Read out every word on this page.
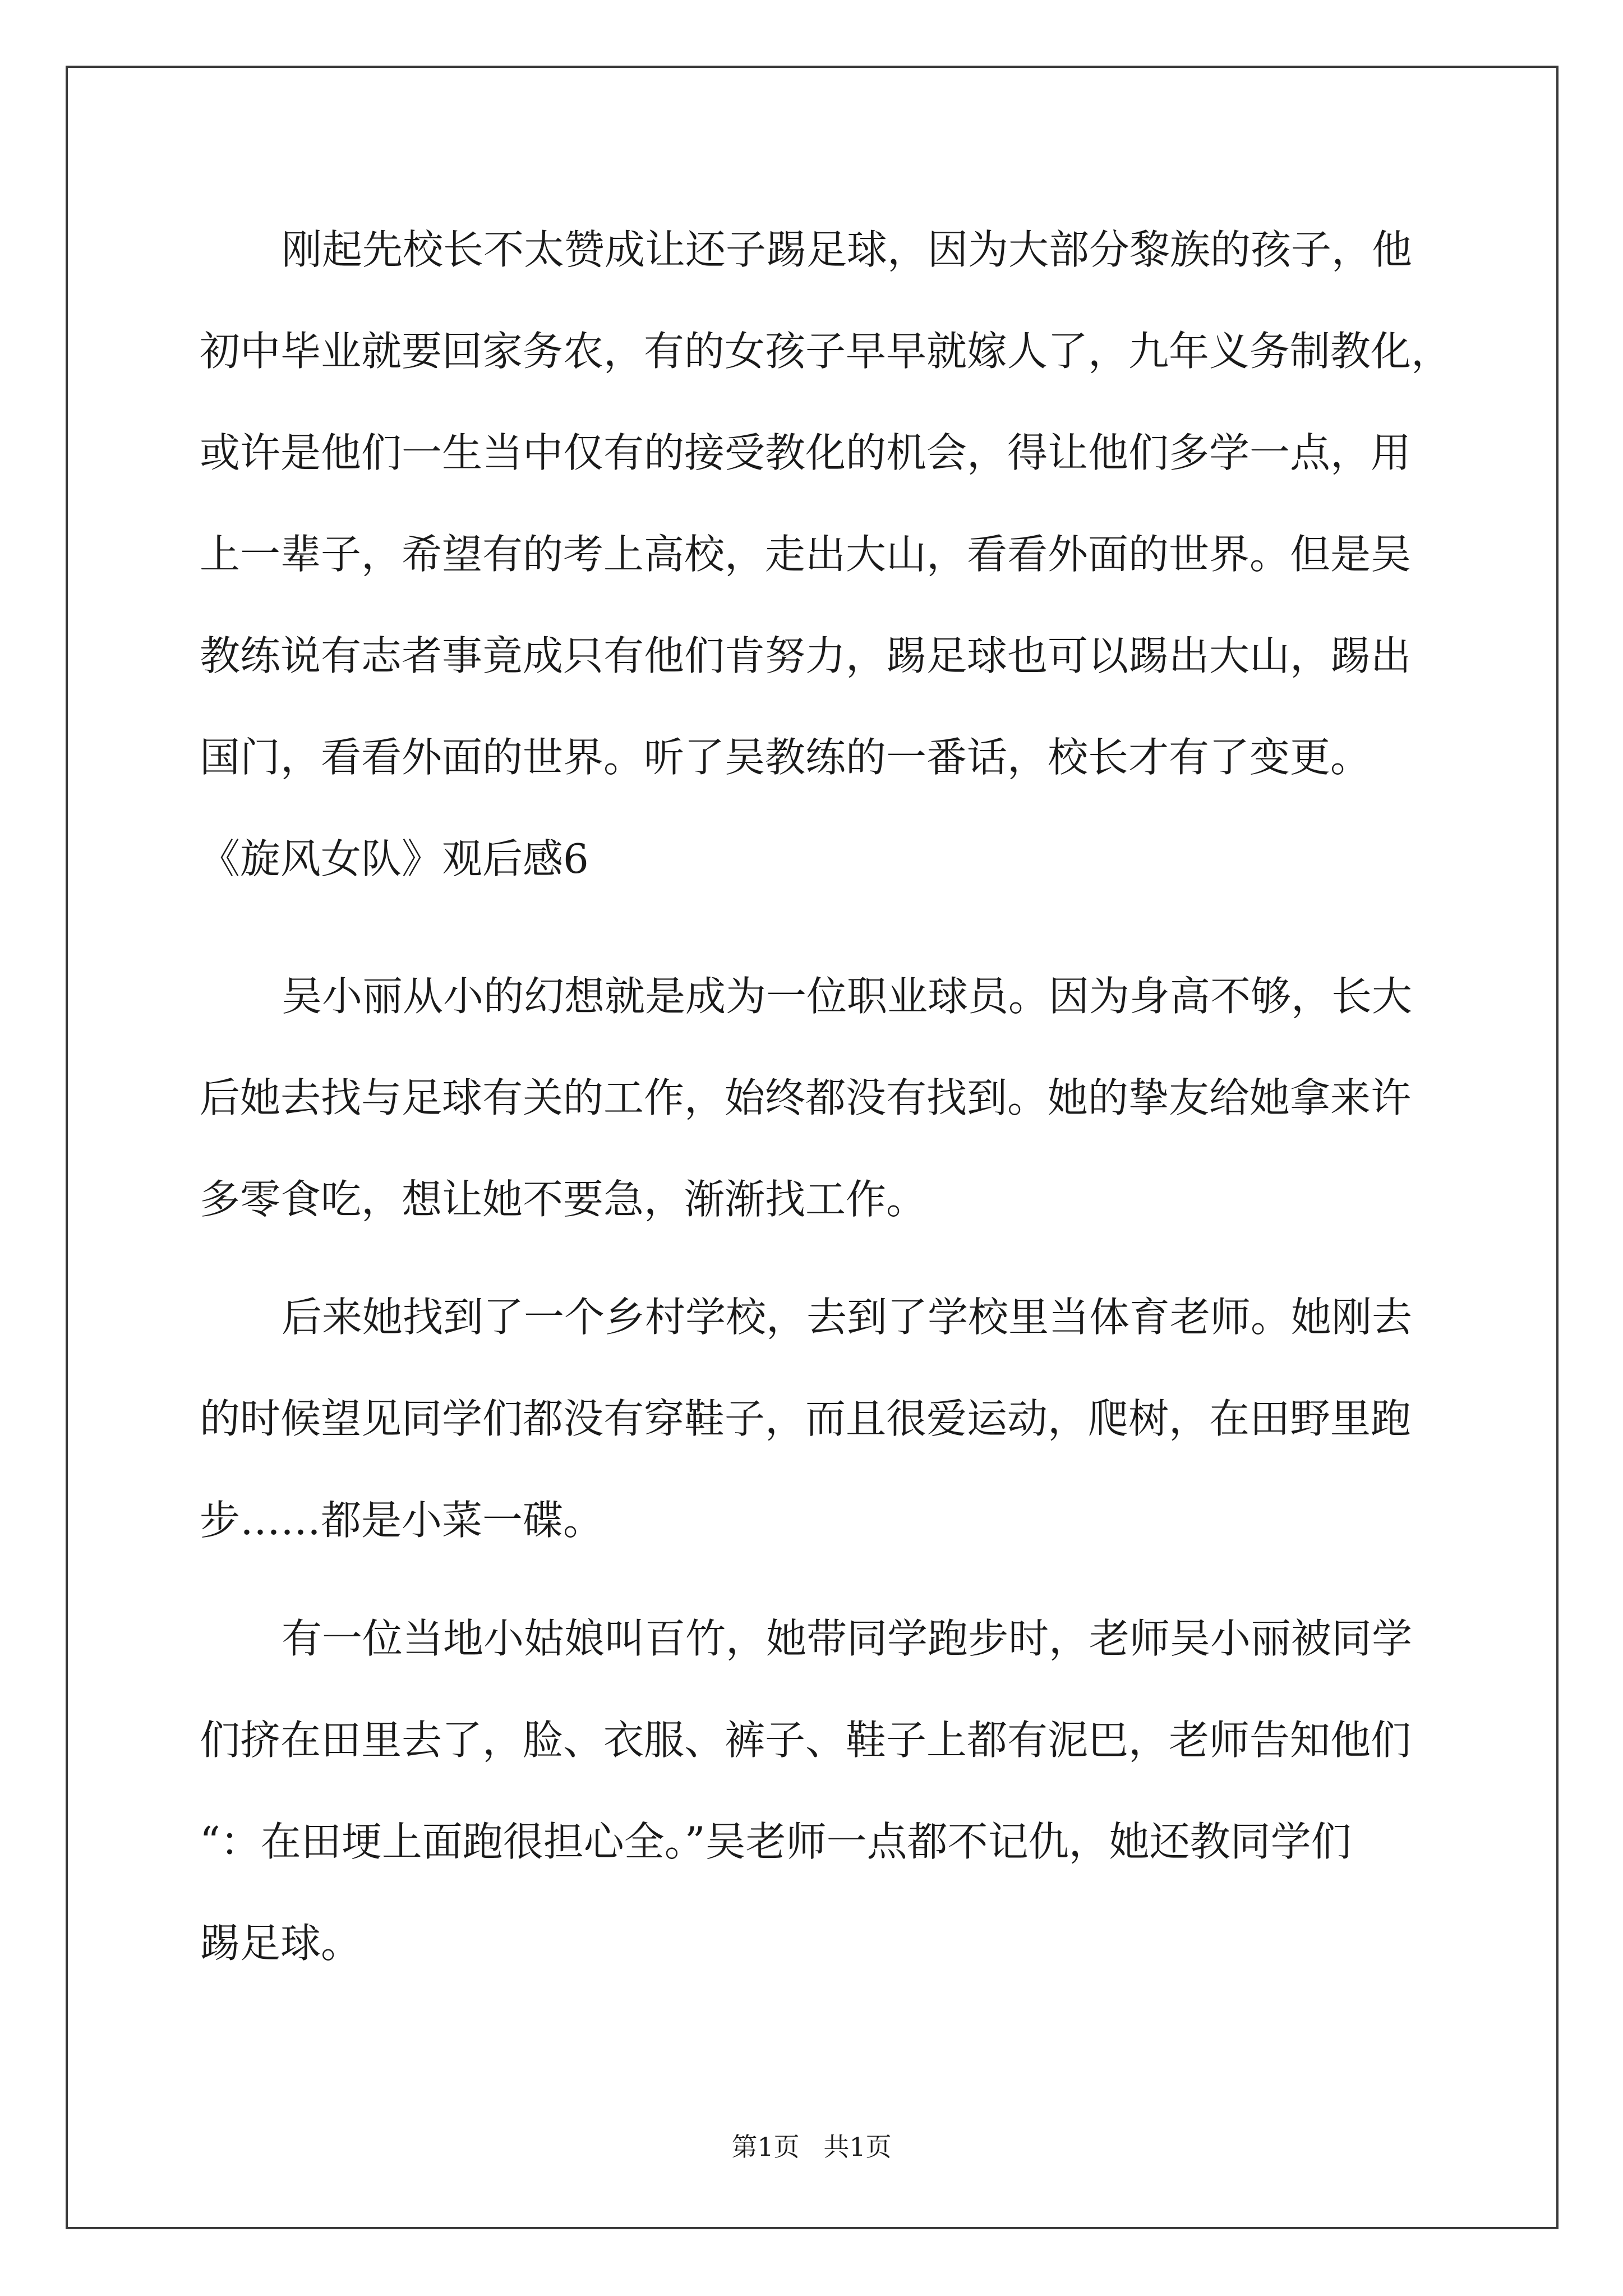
刚起先校长不太赞成让还子踢足球，因为大部分黎族的孩子，他
初中毕业就要回家务农，有的女孩子早早就嫁人了，九年义务制教化，
或许是他们一生当中仅有的接受教化的机会，得让他们多学一点，用
上一辈子，希望有的考上高校，走出大山，看看外面的世界。但是吴
教练说有志者事竟成只有他们肯努力，踢足球也可以踢出大山，踢出
国门，看看外面的世界。听了吴教练的一番话，校长才有了变更。
《旋风女队》观后感6
吴小丽从小的幻想就是成为一位职业球员。因为身高不够，长大
后她去找与足球有关的工作，始终都没有找到。她的挚友给她拿来许
多零食吃，想让她不要急，渐渐找工作。
后来她找到了一个乡村学校，去到了学校里当体育老师。她刚去
的时候望见同学们都没有穿鞋子，而且很爱运动，爬树，在田野里跑
步……都是小菜一碟。
有一位当地小姑娘叫百竹，她带同学跑步时，老师吴小丽被同学
们挤在田里去了，脸、衣服、裤子、鞋子上都有泥巴，老师告知他们
“：在田埂上面跑很担心全。”吴老师一点都不记仇，她还教同学们
踢足球。
第1页 共1页
